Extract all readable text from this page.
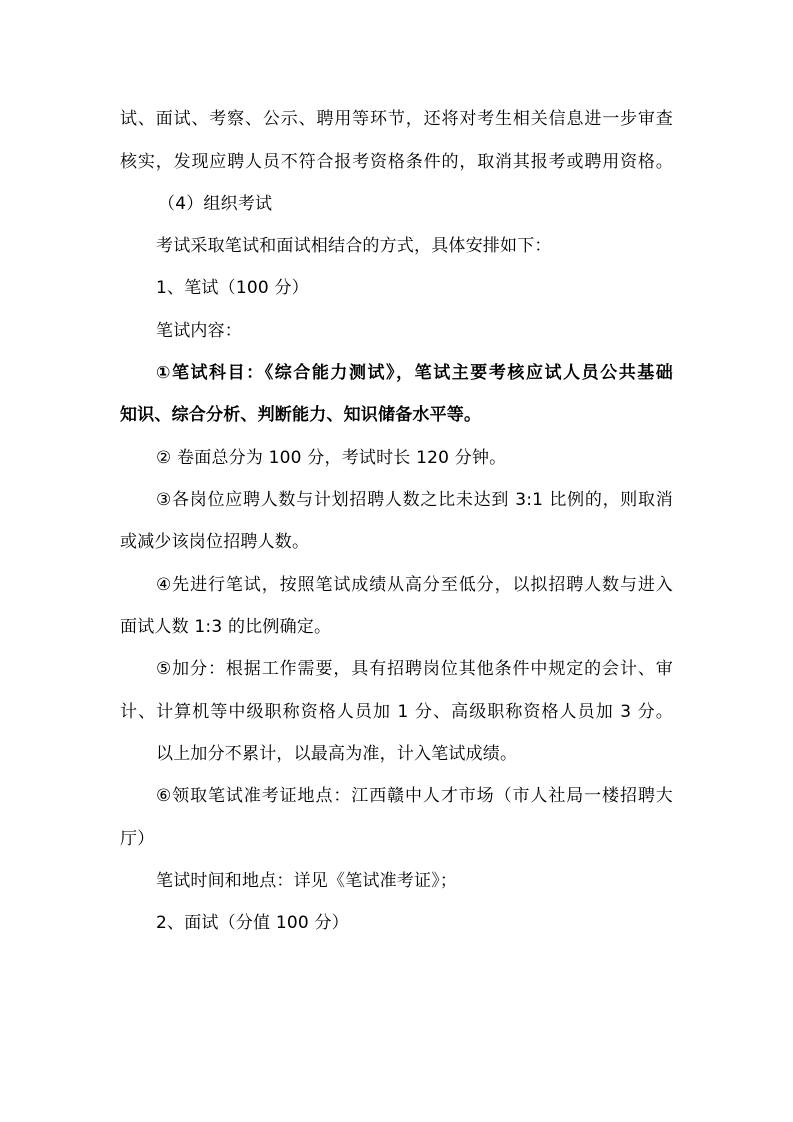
试、面试、考察、公示、聘用等环节，还将对考生相关信息进一步审查
核实，发现应聘人员不符合报考资格条件的，取消其报考或聘用资格。
（4）组织考试
考试采取笔试和面试相结合的方式，具体安排如下：
1、笔试（100 分）
笔试内容：
①笔试科目：《综合能力测试》，笔试主要考核应试人员公共基础
知识、综合分析、判断能力、知识储备水平等。
② 卷面总分为 100 分，考试时长 120 分钟。
③各岗位应聘人数与计划招聘人数之比未达到 3:1 比例的，则取消
或减少该岗位招聘人数。
④先进行笔试，按照笔试成绩从高分至低分，以拟招聘人数与进入
面试人数 1:3 的比例确定。
⑤加分：根据工作需要，具有招聘岗位其他条件中规定的会计、审
计、计算机等中级职称资格人员加 1 分、高级职称资格人员加 3 分。
以上加分不累计，以最高为准，计入笔试成绩。
⑥领取笔试准考证地点：江西赣中人才市场（市人社局一楼招聘大
厅）
笔试时间和地点：详见《笔试准考证》；
2、面试（分值 100 分）
